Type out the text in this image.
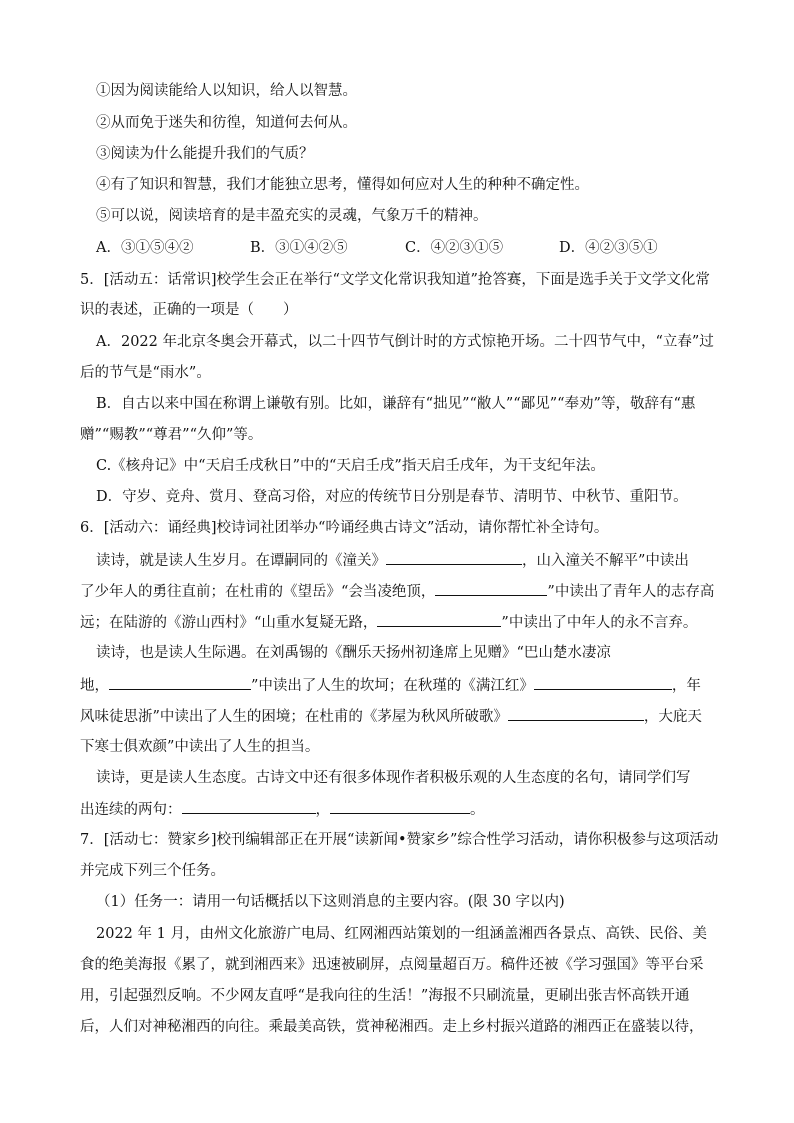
①因为阅读能给人以知识，给人以智慧。
②从而免于迷失和彷徨，知道何去何从。
③阅读为什么能提升我们的气质？
④有了知识和智慧，我们才能独立思考，懂得如何应对人生的种种不确定性。
⑤可以说，阅读培育的是丰盈充实的灵魂，气象万千的精神。
A．③①⑤④②	B．③①④②⑤	C．④②③①⑤	D．④②③⑤①
5．[活动五：话常识]校学生会正在举行“文学文化常识我知道”抢答赛，下面是选手关于文学文化常
识的表述，正确的一项是（　　）
A．2022 年北京冬奥会开幕式，以二十四节气倒计时的方式惊艳开场。二十四节气中，“立春”过
后的节气是“雨水”。
B．自古以来中国在称谓上谦敬有别。比如，谦辞有“拙见”“敝人”“鄙见”“奉劝”等，敬辞有“惠
赠”“赐教”“尊君”“久仰”等。
C.《核舟记》中“天启壬戌秋日”中的“天启壬戌”指天启壬戌年，为干支纪年法。
D．守岁、竞舟、赏月、登高习俗，对应的传统节日分别是春节、清明节、中秋节、重阳节。
6．[活动六：诵经典]校诗词社团举办“吟诵经典古诗文”活动，请你帮忙补全诗句。
读诗，就是读人生岁月。在谭嗣同的《潼关》	，山入潼关不解平”中读出
了少年人的勇往直前；在杜甫的《望岳》“会当凌绝顶，	”中读出了青年人的志存高
远；在陆游的《游山西村》“山重水复疑无路，	”中读出了中年人的永不言弃。
读诗，也是读人生际遇。在刘禹锡的《酬乐天扬州初逢席上见赠》“巴山楚水凄凉
地，	”中读出了人生的坎坷；在秋瑾的《满江红》	，年
风味徒思浙”中读出了人生的困境；在杜甫的《茅屋为秋风所破歌》	，大庇天
下寒士俱欢颜”中读出了人生的担当。
读诗，更是读人生态度。古诗文中还有很多体现作者积极乐观的人生态度的名句，请同学们写
出连续的两句：	，	。
7．[活动七：赞家乡]校刊编辑部正在开展“读新闻•赞家乡”综合性学习活动，请你积极参与这项活动
并完成下列三个任务。
（1）任务一：请用一句话概括以下这则消息的主要内容。(限 30 字以内)
2022 年 1 月，由州文化旅游广电局、红网湘西站策划的一组涵盖湘西各景点、高铁、民俗、美
食的绝美海报《累了，就到湘西来》迅速被刷屏，点阅量超百万。稿件还被《学习强国》等平台采
用，引起强烈反响。不少网友直呼“是我向往的生活！”海报不只刷流量，更刷出张吉怀高铁开通
后，人们对神秘湘西的向往。乘最美高铁，赏神秘湘西。走上乡村振兴道路的湘西正在盛装以待，
